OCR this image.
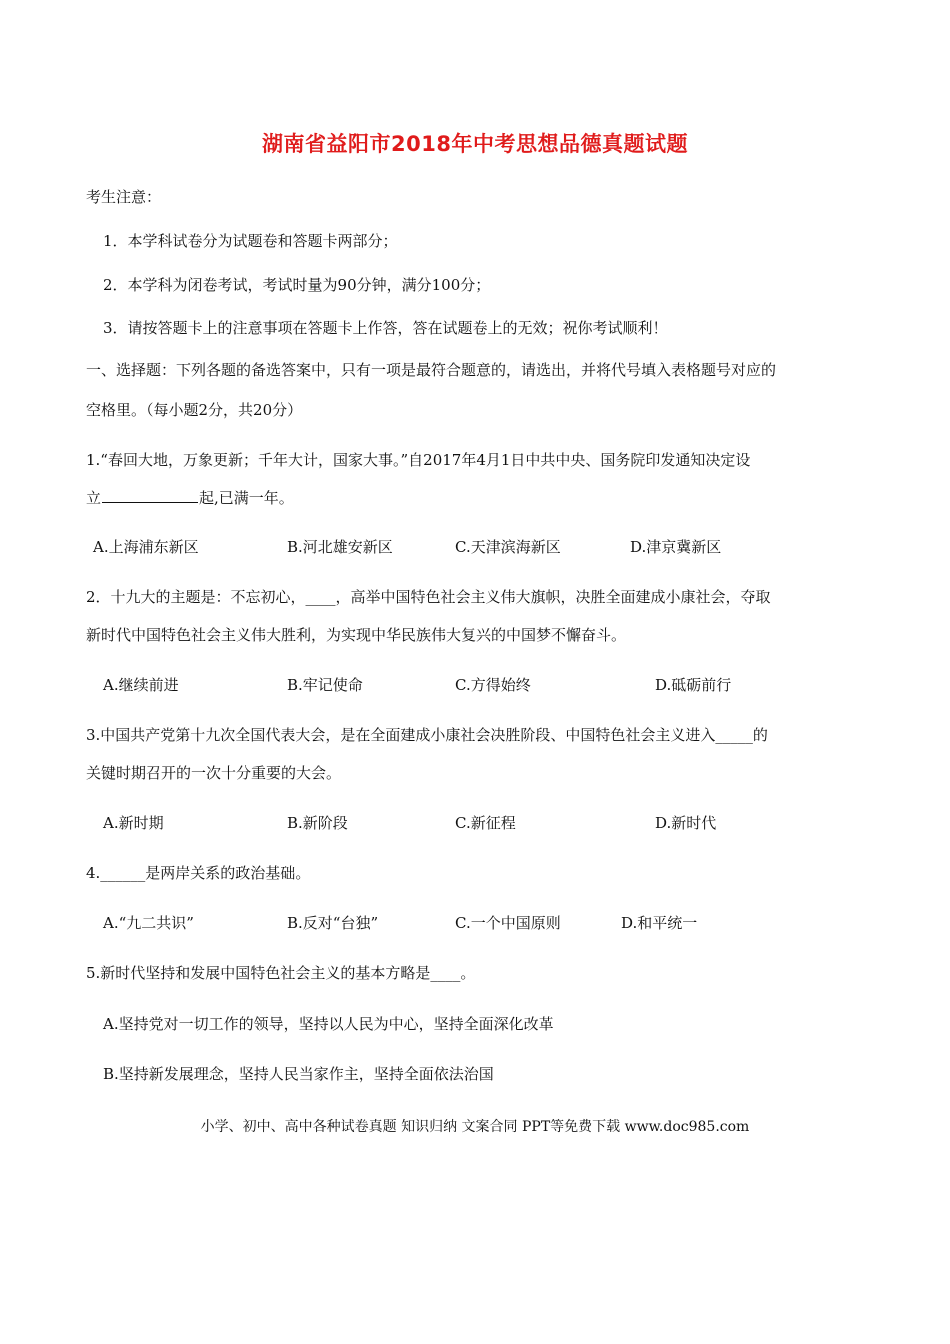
湖南省益阳市2018年中考思想品德真题试题
考生注意：
1．本学科试卷分为试题卷和答题卡两部分；
2．本学科为闭卷考试，考试时量为90分钟，满分100分；
3．请按答题卡上的注意事项在答题卡上作答，答在试题卷上的无效；祝你考试顺利！
一、选择题：下列各题的备选答案中，只有一项是最符合题意的，请选出，并将代号填入表格题号对应的
空格里。（每小题2分，共20分）
1.“春回大地，万象更新；千年大计，国家大事。”自2017年4月1日中共中央、国务院印发通知决定设
立	起,已满一年。
A.上海浦东新区	B.河北雄安新区	C.天津滨海新区	D.津京冀新区
2．十九大的主题是：不忘初心，____，高举中国特色社会主义伟大旗帜，决胜全面建成小康社会，夺取
新时代中国特色社会主义伟大胜利，为实现中华民族伟大复兴的中国梦不懈奋斗。
A.继续前进	B.牢记使命	C.方得始终	D.砥砺前行
3.中国共产党第十九次全国代表大会，是在全面建成小康社会决胜阶段、中国特色社会主义进入_____的
关键时期召开的一次十分重要的大会。
A.新时期	B.新阶段	C.新征程	D.新时代
4.______是两岸关系的政治基础。
A.“九二共识”	B.反对“台独”	C.一个中国原则	D.和平统一
5.新时代坚持和发展中国特色社会主义的基本方略是____。
A.坚持党对一切工作的领导，坚持以人民为中心，坚持全面深化改革
B.坚持新发展理念，坚持人民当家作主，坚持全面依法治国
小学、初中、高中各种试卷真题 知识归纳 文案合同 PPT等免费下载 www.doc985.com
